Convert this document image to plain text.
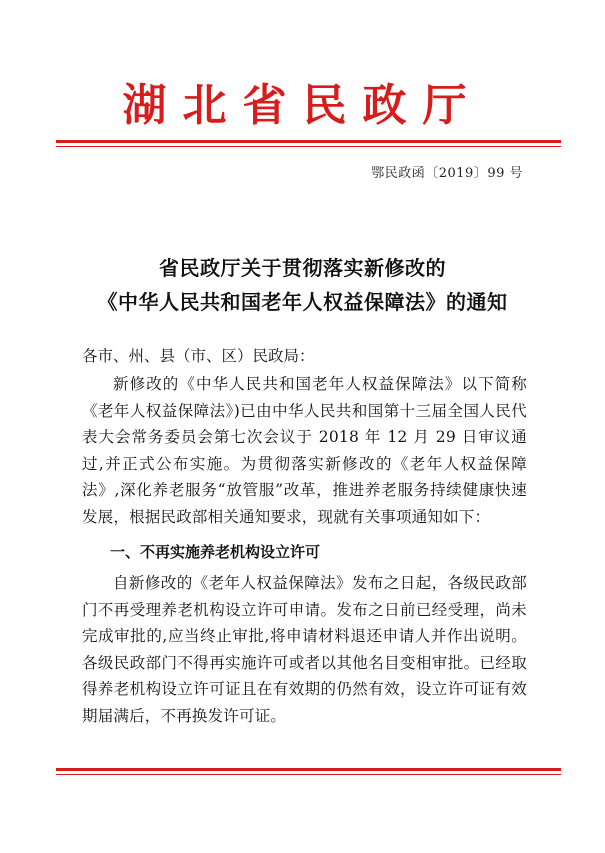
湖北省民政厅
鄂民政函〔2019〕99 号
省民政厅关于贯彻落实新修改的
《中华人民共和国老年人权益保障法》的通知
各市、州、县（市、区）民政局：
新修改的《中华人民共和国老年人权益保障法》以下简称《老年人权益保障法》)已由中华人民共和国第十三届全国人民代表大会常务委员会第七次会议于 2018 年 12 月 29 日审议通过,并正式公布实施。为贯彻落实新修改的《老年人权益保障法》,深化养老服务“放管服”改革，推进养老服务持续健康快速发展，根据民政部相关通知要求，现就有关事项通知如下：
一、不再实施养老机构设立许可
自新修改的《老年人权益保障法》发布之日起，各级民政部门不再受理养老机构设立许可申请。发布之日前已经受理，尚未完成审批的,应当终止审批,将申请材料退还申请人并作出说明。各级民政部门不得再实施许可或者以其他名目变相审批。已经取得养老机构设立许可证且在有效期的仍然有效，设立许可证有效期届满后，不再换发许可证。
